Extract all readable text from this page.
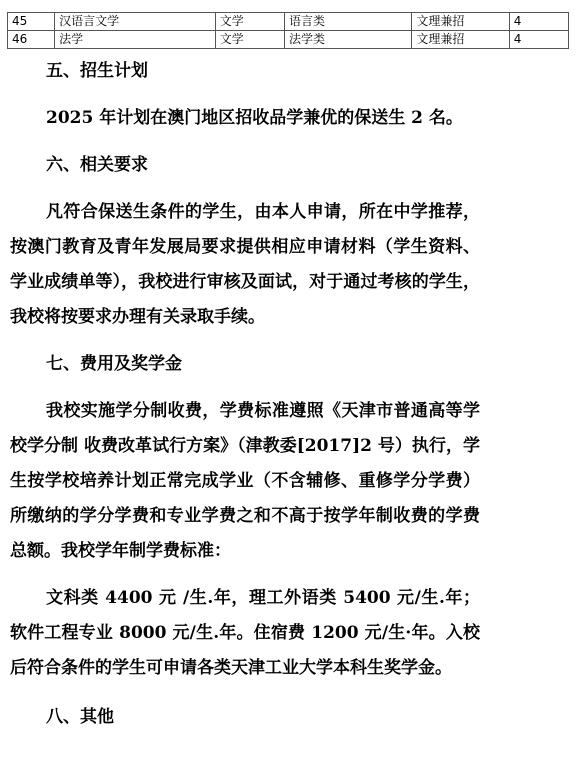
45	汉语言文学	文学	语言类	文理兼招	4
46	法学	文学	法学类	文理兼招	4

五、招生计划

2025 年计划在澳门地区招收品学兼优的保送生 2 名。

六、相关要求

凡符合保送生条件的学生，由本人申请，所在中学推荐，按澳门教育及青年发展局要求提供相应申请材料（学生资料、学业成绩单等），我校进行审核及面试，对于通过考核的学生，我校将按要求办理有关录取手续。

七、费用及奖学金

我校实施学分制收费，学费标准遵照《天津市普通高等学校学分制 收费改革试行方案》（津教委[2017]2 号）执行，学生按学校培养计划正常完成学业（不含辅修、重修学分学费）所缴纳的学分学费和专业学费之和不高于按学年制收费的学费总额。我校学年制学费标准：

文科类 4400 元 /生.年，理工外语类 5400 元/生.年；软件工程专业 8000 元/生.年。住宿费 1200 元/生·年。入校后符合条件的学生可申请各类天津工业大学本科生奖学金。

八、其他
